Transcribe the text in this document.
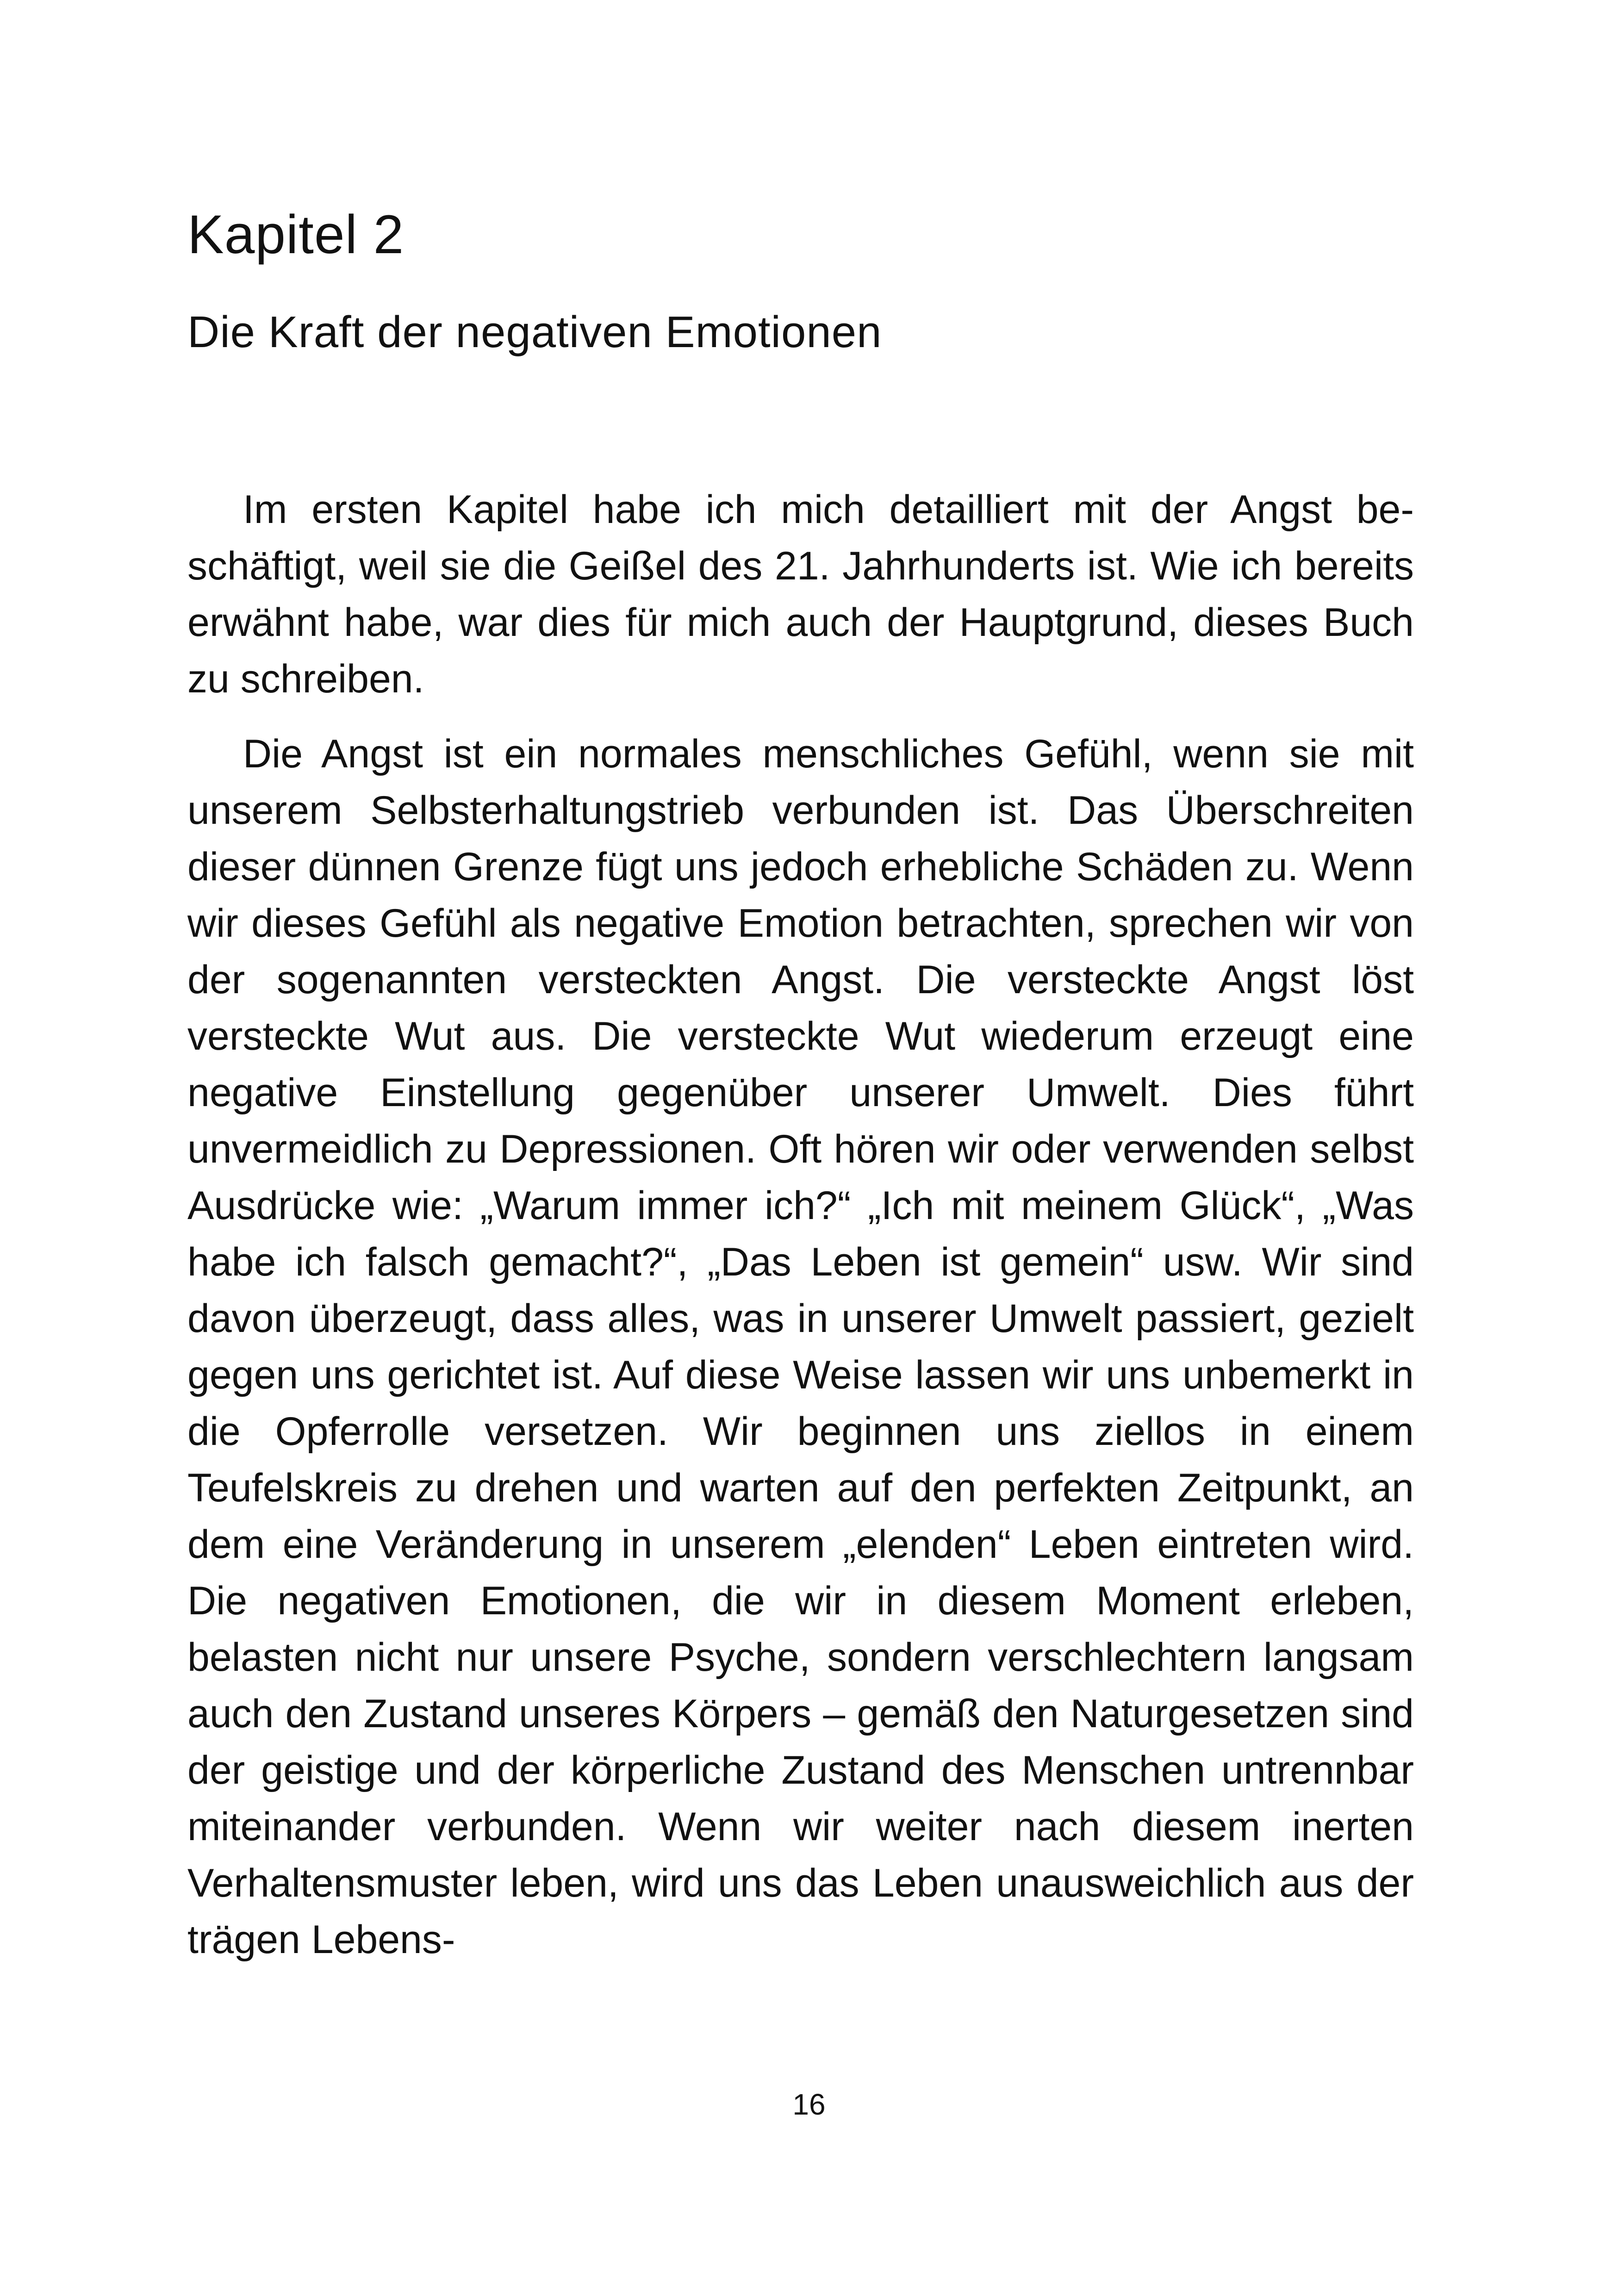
Kapitel 2
Die Kraft der negativen Emotionen

Im ersten Kapitel habe ich mich detailliert mit der Angst beschäftigt, weil sie die Geißel des 21. Jahrhunderts ist. Wie ich bereits erwähnt habe, war dies für mich auch der Hauptgrund, dieses Buch zu schreiben.

Die Angst ist ein normales menschliches Gefühl, wenn sie mit unserem Selbsterhaltungstrieb verbunden ist. Das Überschreiten dieser dünnen Grenze fügt uns jedoch erhebliche Schäden zu. Wenn wir dieses Gefühl als negative Emotion betrachten, sprechen wir von der sogenannten versteckten Angst. Die versteckte Angst löst versteckte Wut aus. Die versteckte Wut wiederum erzeugt eine negative Einstellung gegenüber unserer Umwelt. Dies führt unvermeidlich zu Depressionen. Oft hören wir oder verwenden selbst Ausdrücke wie: „Warum immer ich?“ „Ich mit meinem Glück“, „Was habe ich falsch gemacht?“, „Das Leben ist gemein“ usw. Wir sind davon überzeugt, dass alles, was in unserer Umwelt passiert, gezielt gegen uns gerichtet ist. Auf diese Weise lassen wir uns unbemerkt in die Opferrolle versetzen. Wir beginnen uns ziellos in einem Teufelskreis zu drehen und warten auf den perfekten Zeitpunkt, an dem eine Veränderung in unserem „elenden“ Leben eintreten wird. Die negativen Emotionen, die wir in diesem Moment erleben, belasten nicht nur unsere Psyche, sondern verschlechtern langsam auch den Zustand unseres Körpers – gemäß den Naturgesetzen sind der geistige und der körperliche Zustand des Menschen untrennbar miteinander verbunden. Wenn wir weiter nach diesem inerten Verhaltensmuster leben, wird uns das Leben unausweichlich aus der trägen Lebens-

16
